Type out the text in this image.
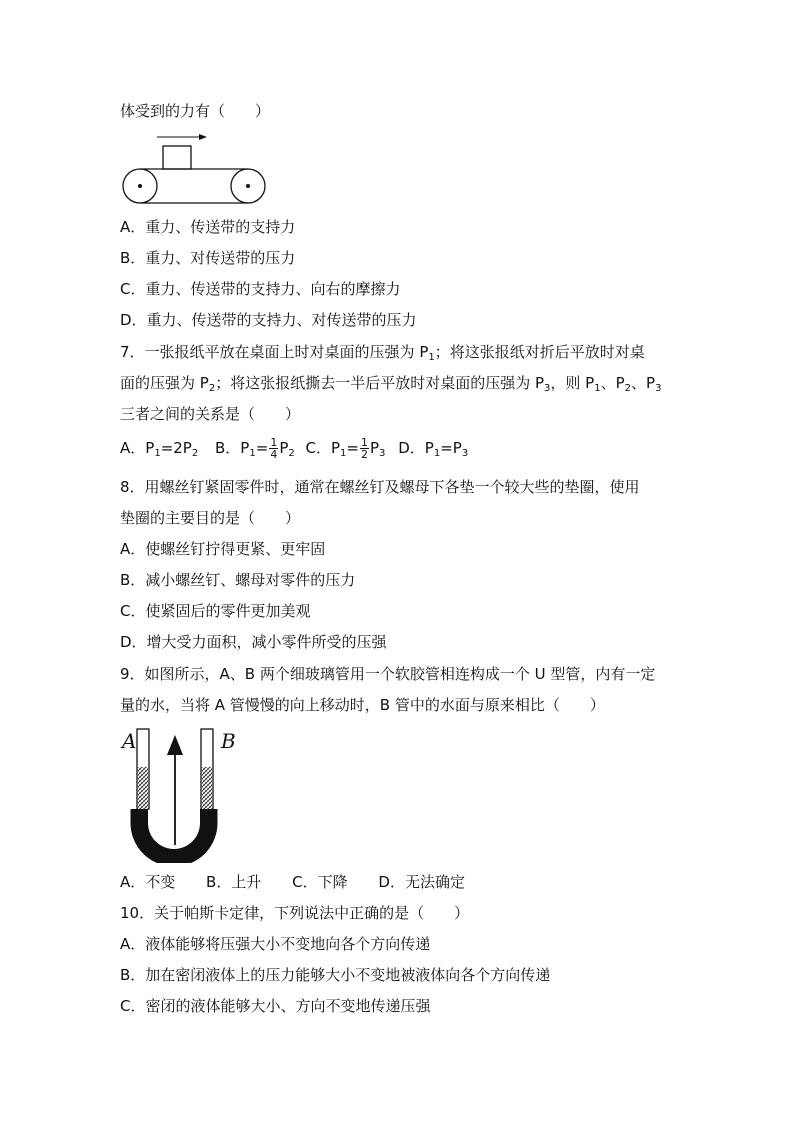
体受到的力有（　　）
A．重力、传送带的支持力
B．重力、对传送带的压力
C．重力、传送带的支持力、向右的摩擦力
D．重力、传送带的支持力、对传送带的压力
7．一张报纸平放在桌面上时对桌面的压强为 $P_1$；将这张报纸对折后平放时对桌
面的压强为 $P_2$；将这张报纸撕去一半后平放时对桌面的压强为 $P_3$，则 $P_1$、$P_2$、$P_3$
三者之间的关系是（　　）
A．$P_1=2P_2$ B．$P_1= \frac{1}{4} P_2$ C．$P_1= \frac{1}{2} P_3$ D．$P_1=P_3$
8．用螺丝钉紧固零件时，通常在螺丝钉及螺母下各垫一个较大些的垫圈，使用
垫圈的主要目的是（　　）
A．使螺丝钉拧得更紧、更牢固
B．减小螺丝钉、螺母对零件的压力
C．使紧固后的零件更加美观
D．增大受力面积，减小零件所受的压强
9．如图所示，A、B 两个细玻璃管用一个软胶管相连构成一个 U 型管，内有一定
量的水，当将 A 管慢慢的向上移动时，B 管中的水面与原来相比（　　）
A	B
A．不变 B．上升 C．下降 D．无法确定
10．关于帕斯卡定律，下列说法中正确的是（　　）
A．液体能够将压强大小不变地向各个方向传递
B．加在密闭液体上的压力能够大小不变地被液体向各个方向传递
C．密闭的液体能够大小、方向不变地传递压强
